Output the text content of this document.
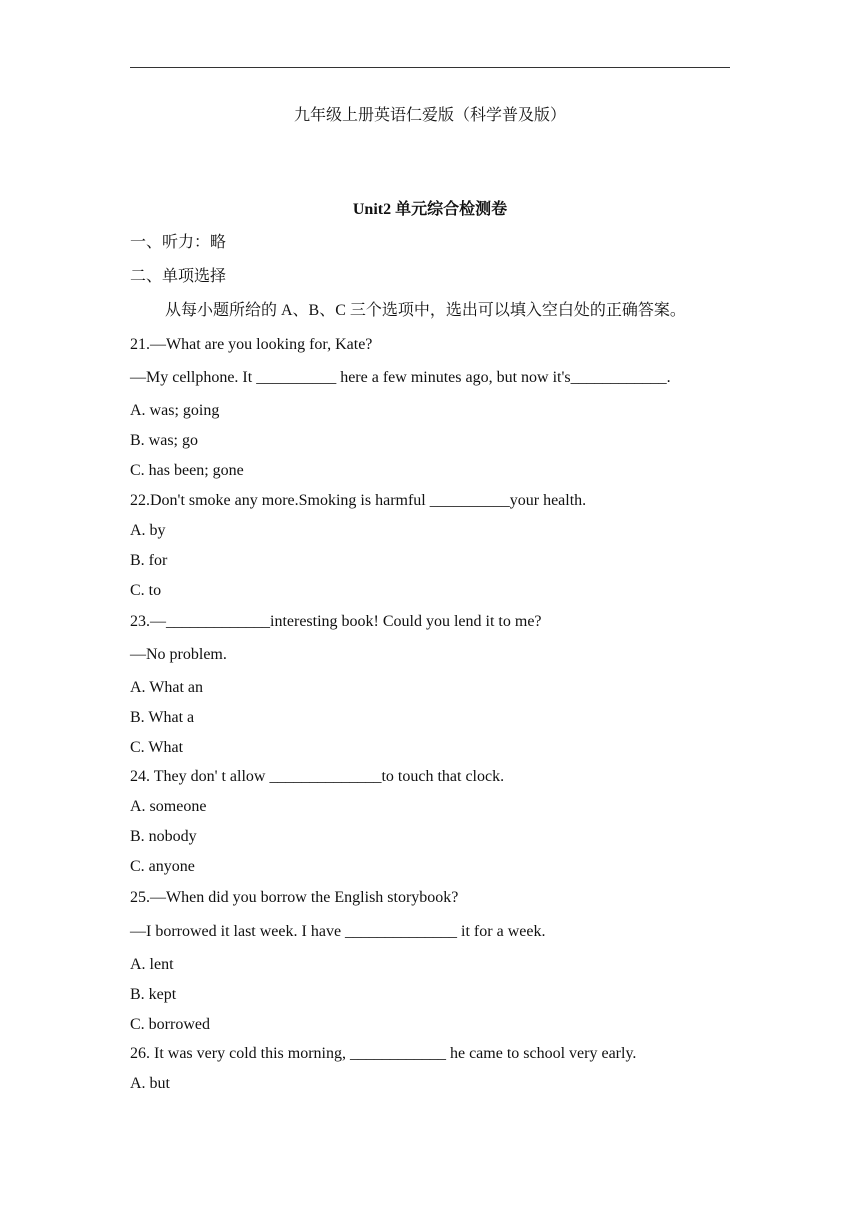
九年级上册英语仁爱版（科学普及版）
Unit2 单元综合检测卷
一、听力：略
二、单项选择
从每小题所给的 A、B、C 三个选项中，选出可以填入空白处的正确答案。
21.—What are you looking for, Kate?
—My cellphone. It __________ here a few minutes ago, but now it's____________.
A. was; going
B. was; go
C. has been; gone
22.Don't smoke any more.Smoking is harmful __________your health.
A. by
B. for
C. to
23.—_____________interesting book! Could you lend it to me?
—No problem.
A. What an
B. What a
C. What
24. They don' t allow ______________to touch that clock.
A. someone
B. nobody
C. anyone
25.—When did you borrow the English storybook?
—I borrowed it last week. I have ______________ it for a week.
A. lent
B. kept
C. borrowed
26. It was very cold this morning, ____________ he came to school very early.
A. but
